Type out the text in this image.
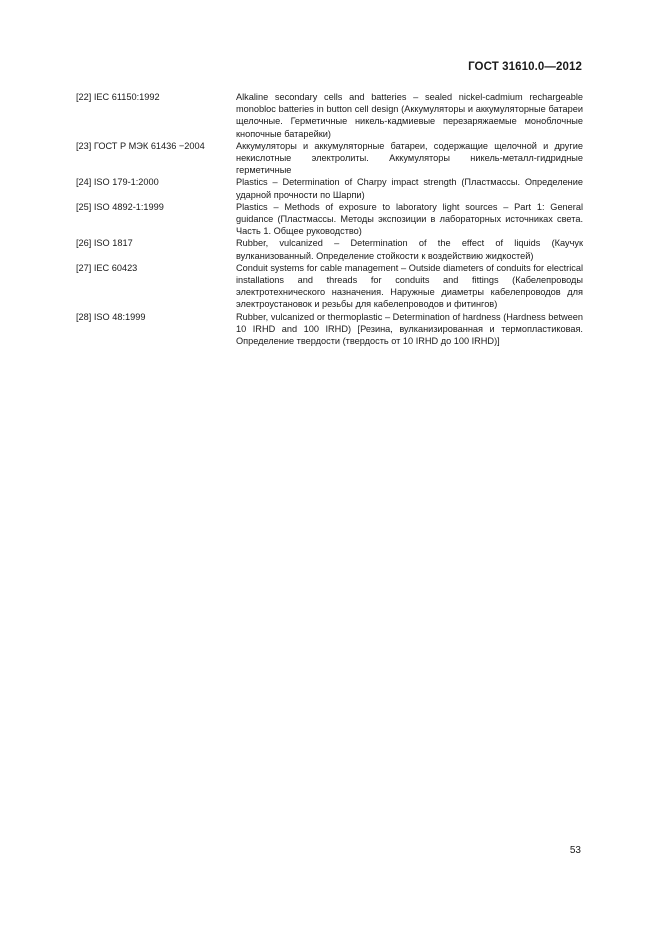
ГОСТ 31610.0—2012
[22] IEC 61150:1992	Alkaline secondary cells and batteries – sealed nickel-cadmium rechargeable monobloc batteries in button cell design (Аккумуляторы и аккумуляторные батареи щелочные. Герметичные никель-кадмиевые перезаряжаемые моноблочные кнопочные батарейки)
[23] ГОСТ Р МЭК 61436 −2004	Аккумуляторы и аккумуляторные батареи, содержащие щелочной и другие некислотные электролиты. Аккумуляторы никель-металл-гидридные герметичные
[24] ISO 179-1:2000	Plastics – Determination of Charpy impact strength (Пластмассы. Определение ударной прочности по Шарпи)
[25] ISO 4892-1:1999	Plastics – Methods of exposure to laboratory light sources – Part 1: General guidance (Пластмассы. Методы экспозиции в лабораторных источниках света. Часть 1. Общее руководство)
[26] ISO 1817	Rubber, vulcanized – Determination of the effect of liquids (Каучук вулканизованный. Определение стойкости к воздействию жидкостей)
[27] IEC 60423	Conduit systems for cable management – Outside diameters of conduits for electrical installations and threads for conduits and fittings (Кабелепроводы электротехнического назначения. Наружные диаметры кабелепроводов для электроустановок и резьбы для кабелепроводов и фитингов)
[28] ISO 48:1999	Rubber, vulcanized or thermoplastic – Determination of hardness (Hardness between 10 IRHD and 100 IRHD) [Резина, вулканизированная и термопластиковая. Определение твердости (твердость от 10 IRHD до 100 IRHD)]
53
